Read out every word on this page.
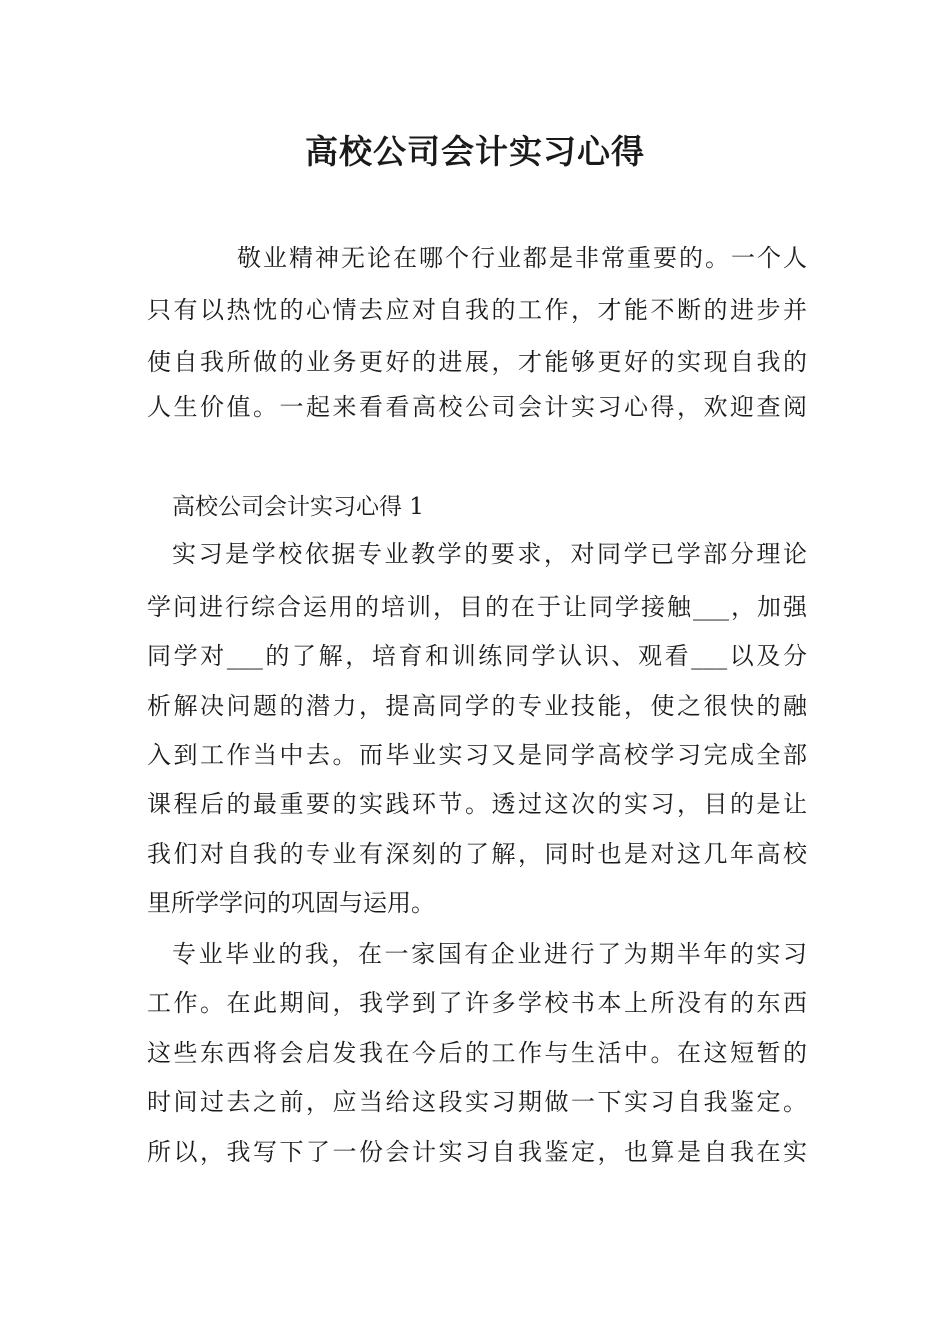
高校公司会计实习心得

敬业精神无论在哪个行业都是非常重要的。一个人

只有以热忱的心情去应对自我的工作，才能不断的进步并

使自我所做的业务更好的进展，才能够更好的实现自我的

人生价值。一起来看看高校公司会计实习心得，欢迎查阅

高校公司会计实习心得 1

实习是学校依据专业教学的要求，对同学已学部分理论

学问进行综合运用的培训，目的在于让同学接触___，加强

同学对___的了解，培育和训练同学认识、观看___以及分

析解决问题的潜力，提高同学的专业技能，使之很快的融

入到工作当中去。而毕业实习又是同学高校学习完成全部

课程后的最重要的实践环节。透过这次的实习，目的是让

我们对自我的专业有深刻的了解，同时也是对这几年高校

里所学学问的巩固与运用。

专业毕业的我，在一家国有企业进行了为期半年的实习

工作。在此期间，我学到了许多学校书本上所没有的东西

这些东西将会启发我在今后的工作与生活中。在这短暂的

时间过去之前，应当给这段实习期做一下实习自我鉴定。

所以，我写下了一份会计实习自我鉴定，也算是自我在实
